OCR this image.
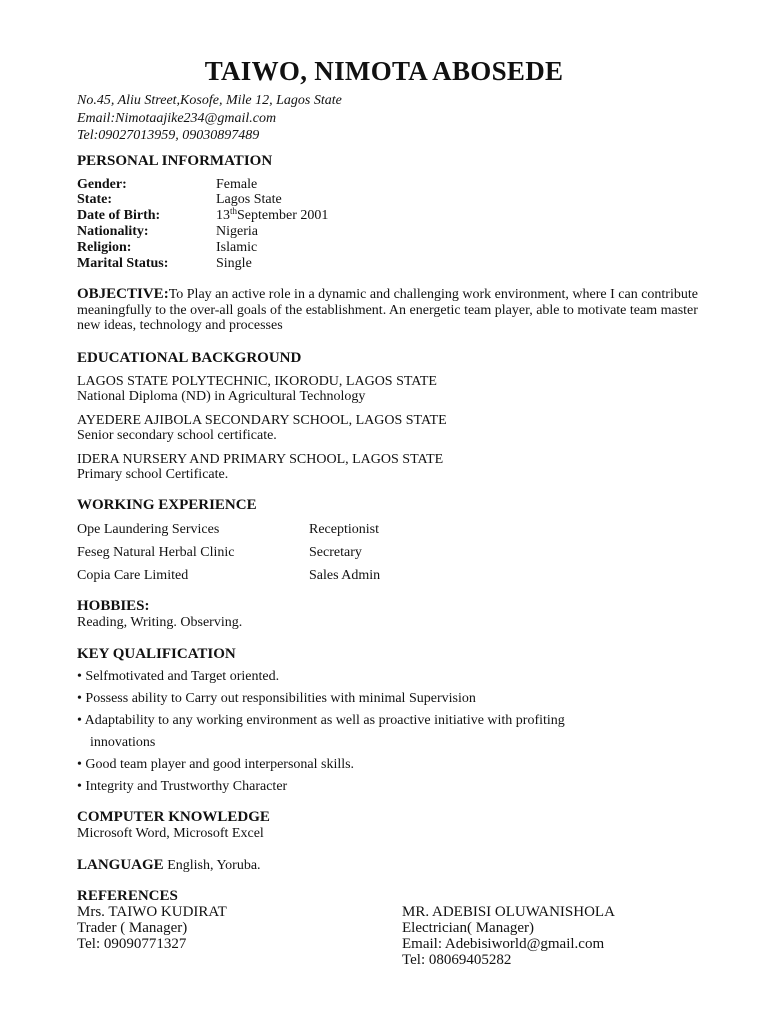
TAIWO, NIMOTA ABOSEDE
No.45, Aliu Street,Kosofe, Mile 12, Lagos State
Email:Nimotaajike234@gmail.com
Tel:09027013959, 09030897489
PERSONAL INFORMATION
Gender:	Female
State:	Lagos State
Date of Birth:	13thSeptember 2001
Nationality:	Nigeria
Religion:	Islamic
Marital Status:	Single
OBJECTIVE:To Play an active role in a dynamic and challenging work environment, where I can contribute meaningfully to the over-all goals of the establishment. An energetic team player, able to motivate team master new ideas, technology and processes
EDUCATIONAL BACKGROUND
LAGOS STATE POLYTECHNIC, IKORODU, LAGOS STATE
National Diploma (ND) in Agricultural Technology
AYEDERE AJIBOLA SECONDARY SCHOOL, LAGOS STATE
Senior secondary school certificate.
IDERA NURSERY AND PRIMARY SCHOOL, LAGOS STATE
Primary school Certificate.
WORKING EXPERIENCE
Ope Laundering Services	Receptionist
Feseg Natural Herbal Clinic	Secretary
Copia Care Limited	Sales Admin
HOBBIES:
Reading, Writing. Observing.
KEY QUALIFICATION
• Selfmotivated and Target oriented.
• Possess ability to Carry out responsibilities with minimal Supervision
• Adaptability to any working environment as well as proactive initiative with profiting
innovations
• Good team player and good interpersonal skills.
• Integrity and Trustworthy Character
COMPUTER KNOWLEDGE
Microsoft Word, Microsoft Excel
LANGUAGE English, Yoruba.
REFERENCES
Mrs. TAIWO KUDIRAT
Trader ( Manager)
Tel: 09090771327
MR. ADEBISI OLUWANISHOLA
Electrician( Manager)
Email: Adebisiworld@gmail.com
Tel: 08069405282
